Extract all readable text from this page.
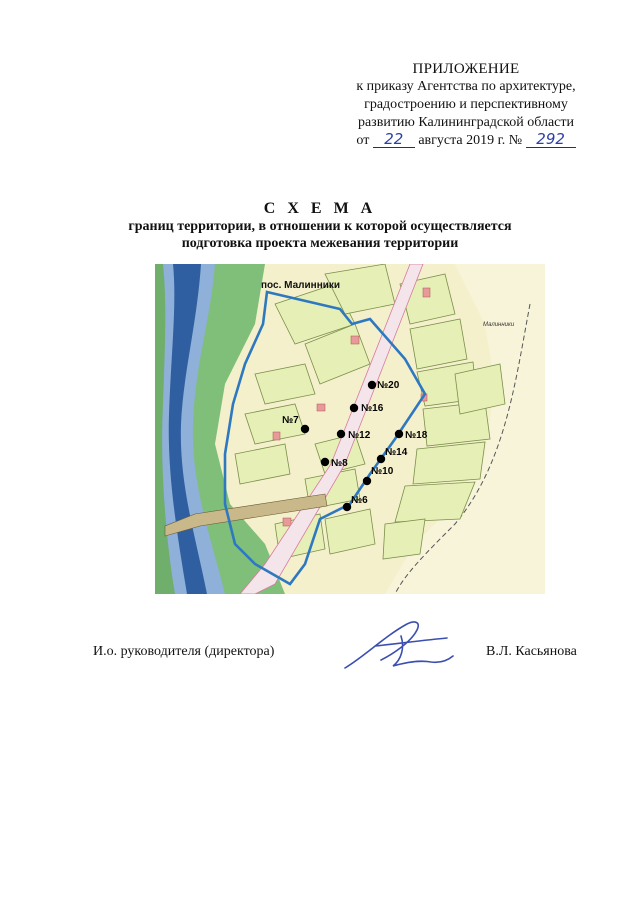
ПРИЛОЖЕНИЕ
к приказу Агентства по архитектуре,
градостроению и перспективному
развитию Калининградской области
от 22 августа 2019 г. № 292
С Х Е М А
границ территории, в отношении к которой осуществляется
подготовка проекта межевания территории
пос. Малинники
Малинники
№20
№16
№7
№12	№18
№14
№8
№10
№6
И.о. руководителя (директора)	В.Л. Касьянова
